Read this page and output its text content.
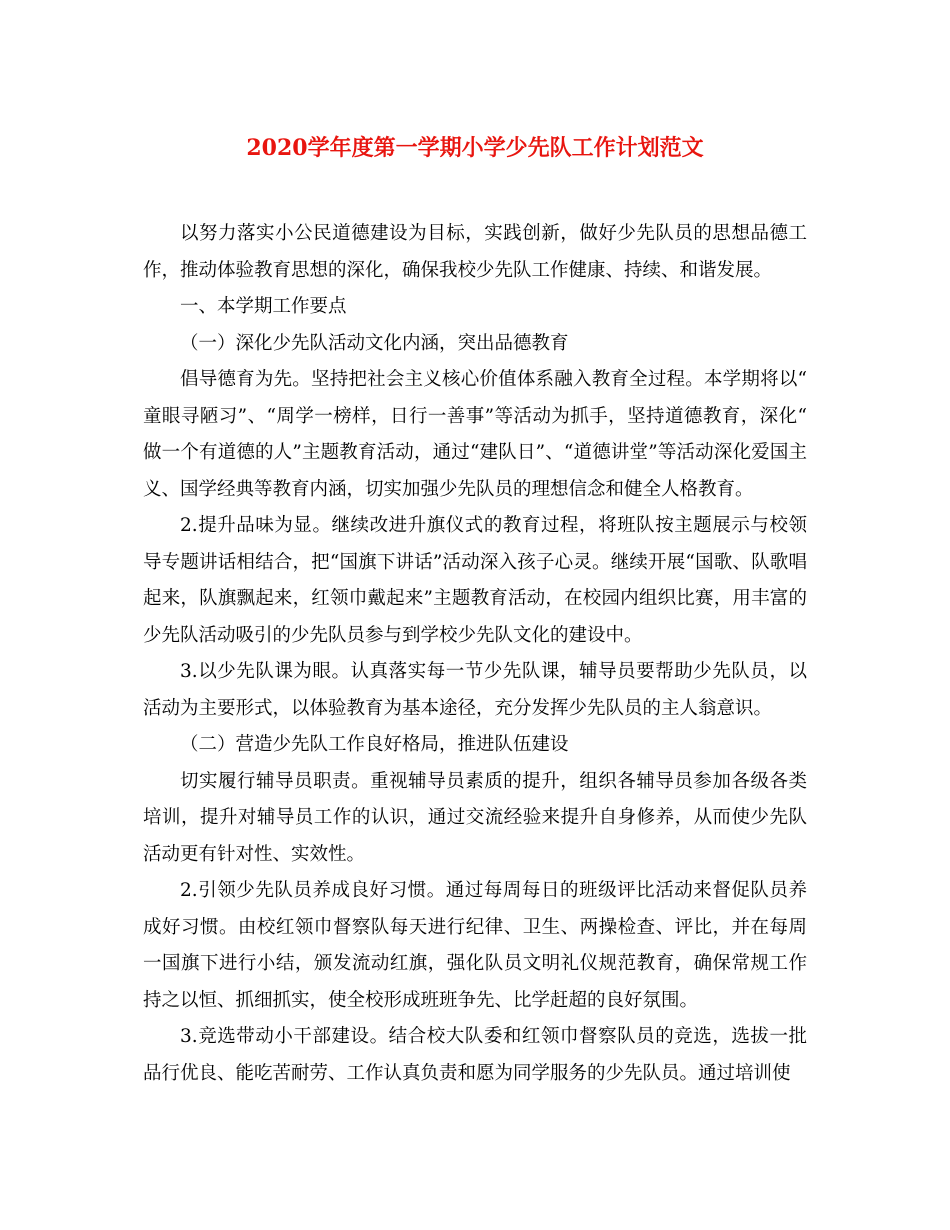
2020学年度第一学期小学少先队工作计划范文

以努力落实小公民道德建设为目标，实践创新，做好少先队员的思想品德工作，推动体验教育思想的深化，确保我校少先队工作健康、持续、和谐发展。

一、本学期工作要点

（一）深化少先队活动文化内涵，突出品德教育

倡导德育为先。坚持把社会主义核心价值体系融入教育全过程。本学期将以“童眼寻陋习”、“周学一榜样，日行一善事”等活动为抓手，坚持道德教育，深化“做一个有道德的人”主题教育活动，通过“建队日”、“道德讲堂”等活动深化爱国主义、国学经典等教育内涵，切实加强少先队员的理想信念和健全人格教育。

2.提升品味为显。继续改进升旗仪式的教育过程，将班队按主题展示与校领导专题讲话相结合，把“国旗下讲话”活动深入孩子心灵。继续开展“国歌、队歌唱起来，队旗飘起来，红领巾戴起来”主题教育活动，在校园内组织比赛，用丰富的少先队活动吸引的少先队员参与到学校少先队文化的建设中。

3.以少先队课为眼。认真落实每一节少先队课，辅导员要帮助少先队员，以活动为主要形式，以体验教育为基本途径，充分发挥少先队员的主人翁意识。

（二）营造少先队工作良好格局，推进队伍建设

切实履行辅导员职责。重视辅导员素质的提升，组织各辅导员参加各级各类培训，提升对辅导员工作的认识，通过交流经验来提升自身修养，从而使少先队活动更有针对性、实效性。

2.引领少先队员养成良好习惯。通过每周每日的班级评比活动来督促队员养成好习惯。由校红领巾督察队每天进行纪律、卫生、两操检查、评比，并在每周一国旗下进行小结，颁发流动红旗，强化队员文明礼仪规范教育，确保常规工作持之以恒、抓细抓实，使全校形成班班争先、比学赶超的良好氛围。

3.竞选带动小干部建设。结合校大队委和红领巾督察队员的竞选，选拔一批品行优良、能吃苦耐劳、工作认真负责和愿为同学服务的少先队员。通过培训使
